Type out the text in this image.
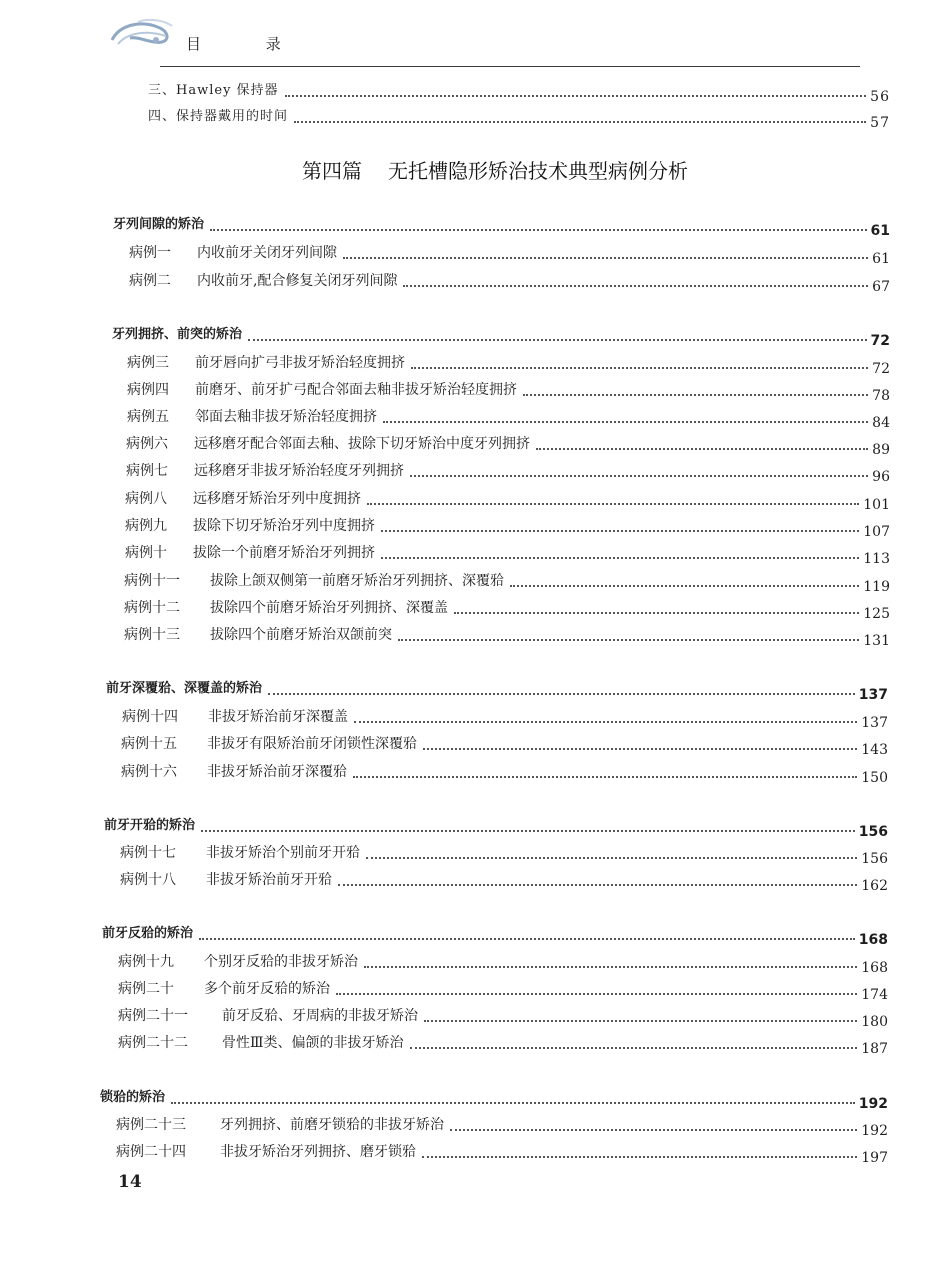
目 录
三、 Hawley 保持器	56
四、 保持器戴用的时间	57
牙列间隙的矫治	61
病例一	内收前牙关闭牙列间隙	61
病例二	内收前牙,配合修复关闭牙列间隙	67
牙列拥挤、前突的矫治	72
病例三	前牙唇向扩弓非拔牙矫治轻度拥挤	72
病例四	前磨牙、前牙扩弓配合邻面去釉非拔牙矫治轻度拥挤	78
病例五	邻面去釉非拔牙矫治轻度拥挤	84
病例六	远移磨牙配合邻面去釉、拔除下切牙矫治中度牙列拥挤	89
病例七	远移磨牙非拔牙矫治轻度牙列拥挤	96
病例八	远移磨牙矫治牙列中度拥挤	101
病例九	拔除下切牙矫治牙列中度拥挤	107
病例十	拔除一个前磨牙矫治牙列拥挤	113
病例十一	拔除上颌双侧第一前磨牙矫治牙列拥挤、深覆𬌗	119
病例十二	拔除四个前磨牙矫治牙列拥挤、深覆盖	125
病例十三	拔除四个前磨牙矫治双颌前突	131
前牙深覆𬌗、深覆盖的矫治	137
病例十四	非拔牙矫治前牙深覆盖	137
病例十五	非拔牙有限矫治前牙闭锁性深覆𬌗	143
病例十六	非拔牙矫治前牙深覆𬌗	150
前牙开𬌗的矫治	156
病例十七	非拔牙矫治个别前牙开𬌗	156
病例十八	非拔牙矫治前牙开𬌗	162
前牙反𬌗的矫治	168
病例十九	个别牙反𬌗的非拔牙矫治	168
病例二十	多个前牙反𬌗的矫治	174
病例二十一	前牙反𬌗、牙周病的非拔牙矫治	180
病例二十二	骨性Ⅲ类、偏颌的非拔牙矫治	187
锁𬌗的矫治	192
病例二十三	牙列拥挤、前磨牙锁𬌗的非拔牙矫治	192
病例二十四	非拔牙矫治牙列拥挤、磨牙锁𬌗	197
第四篇 无托槽隐形矫治技术典型病例分析
14
